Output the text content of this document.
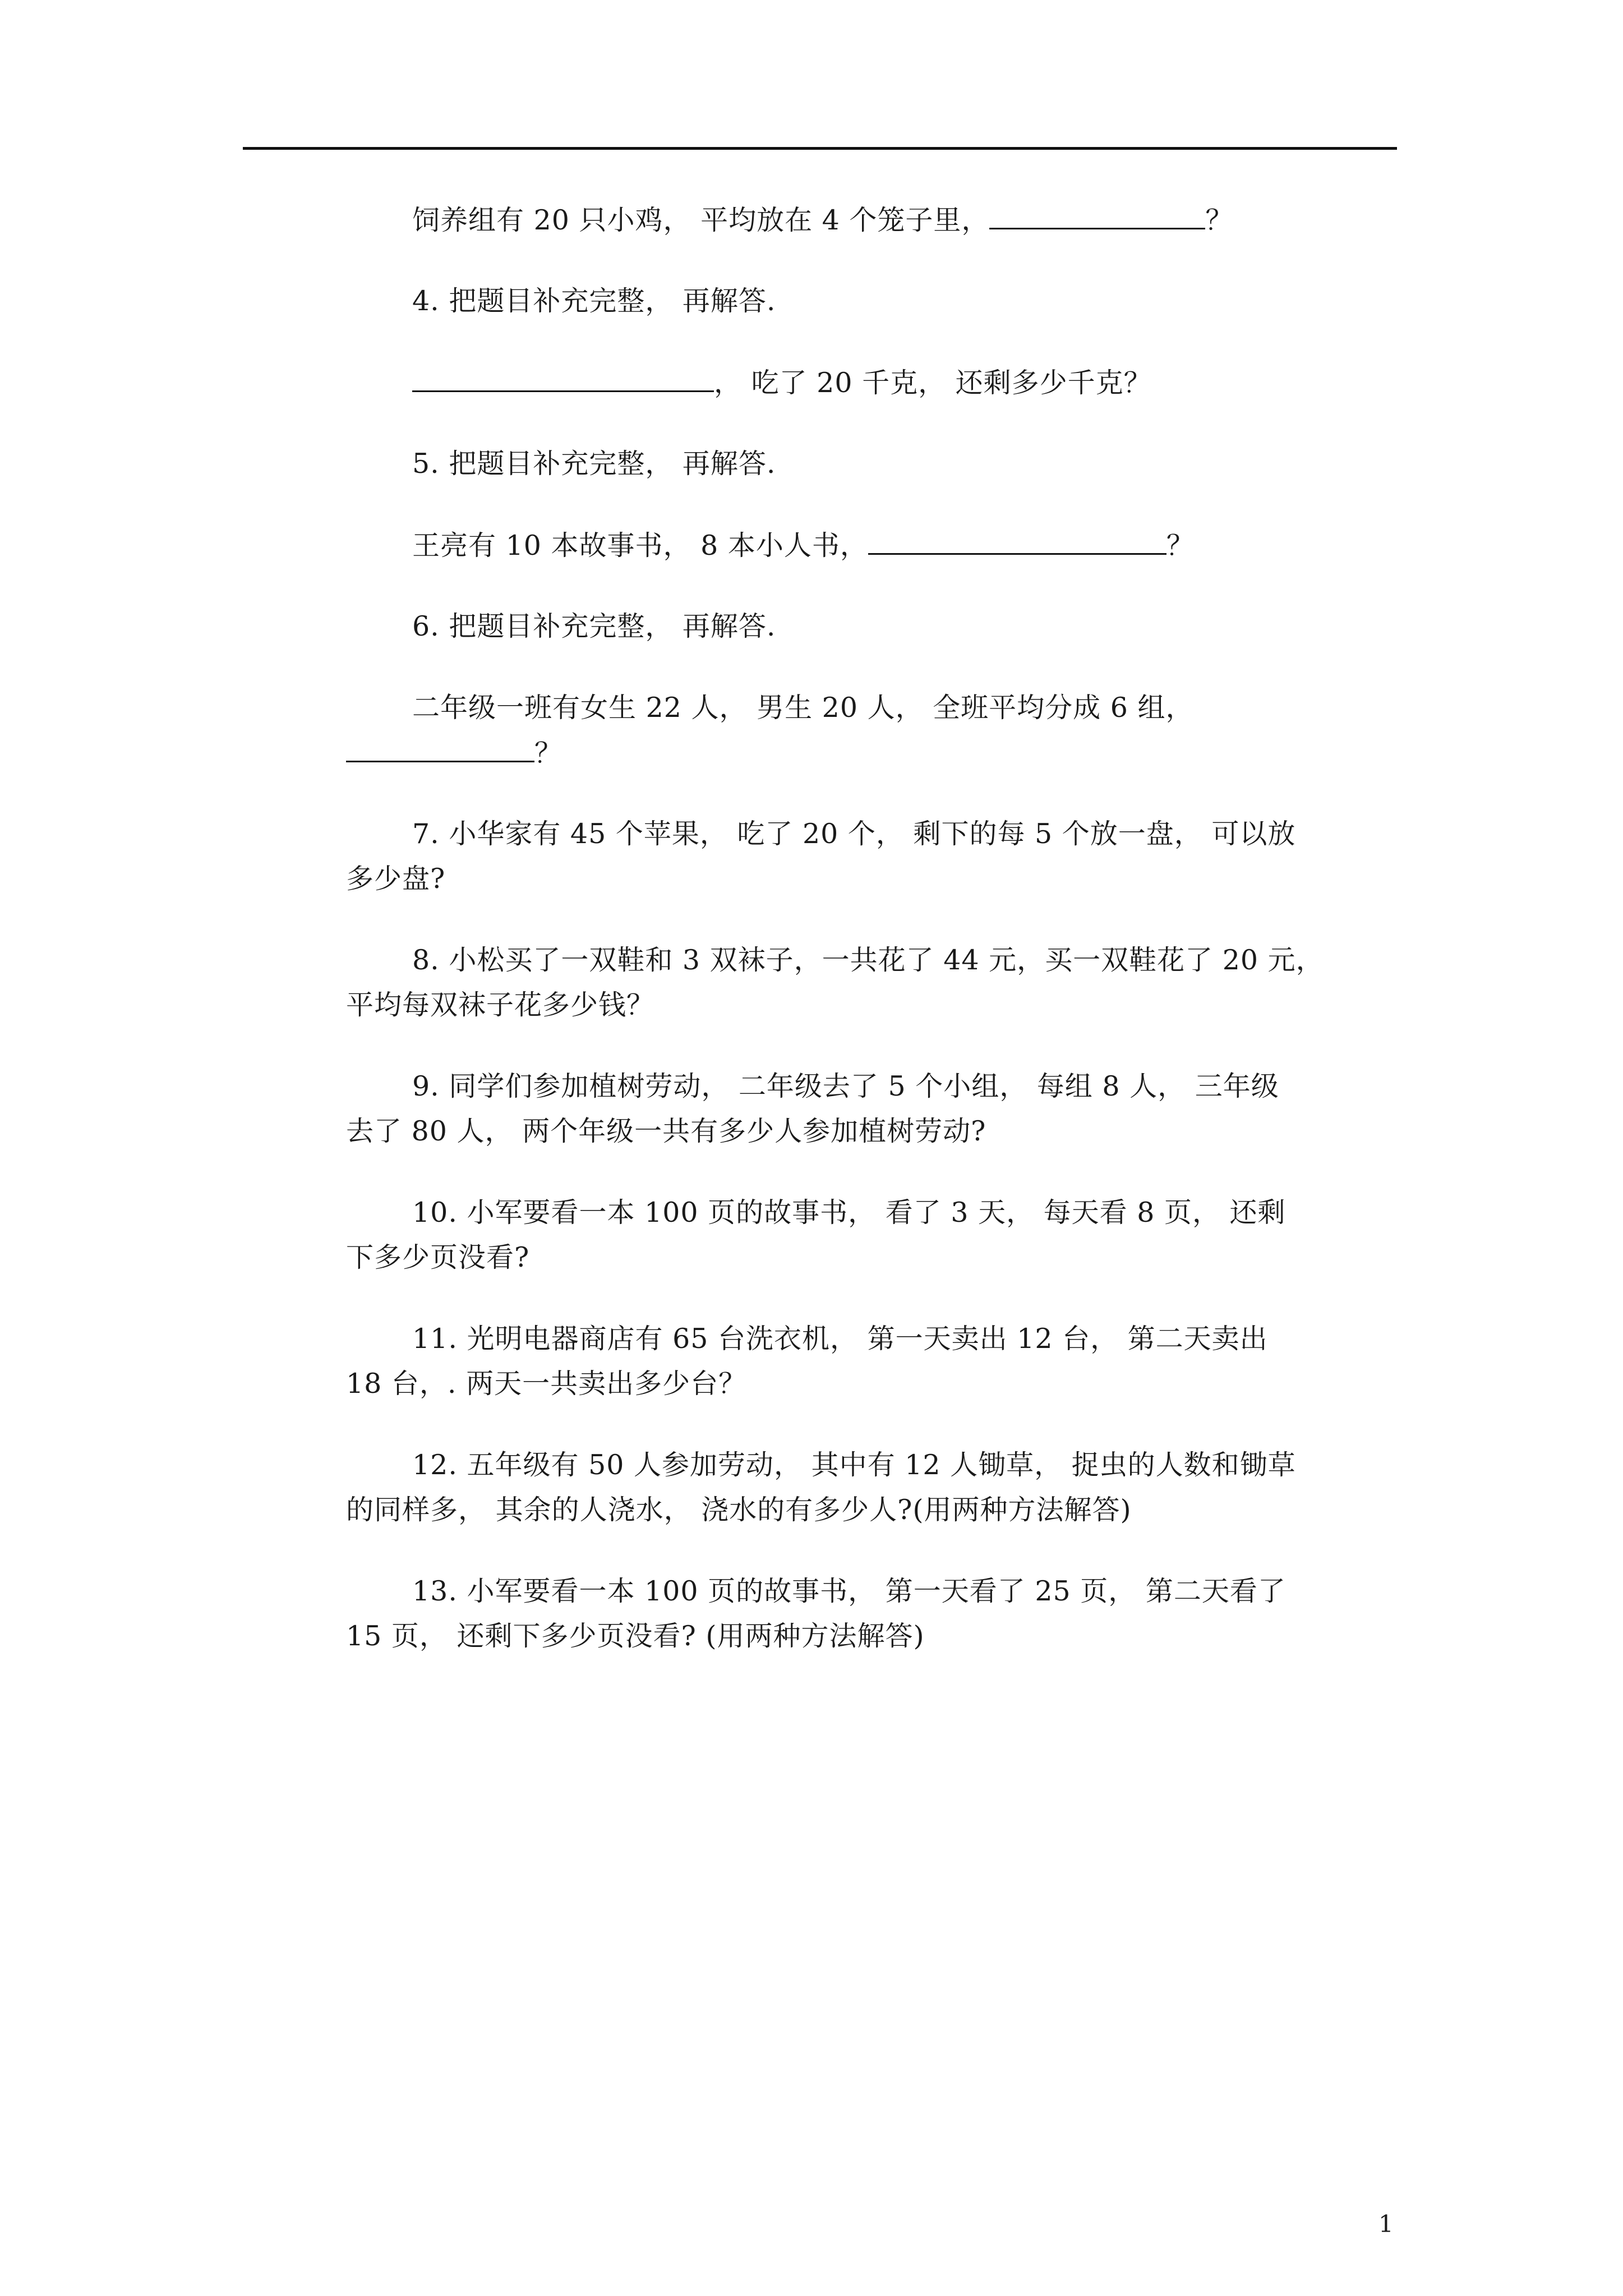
饲养组有 20 只小鸡， 平均放在 4 个笼子里，	？
4. 把题目补充完整， 再解答.
， 吃了 20 千克， 还剩多少千克？
5. 把题目补充完整， 再解答.
王亮有 10 本故事书， 8 本小人书，	？
6. 把题目补充完整， 再解答.
二年级一班有女生 22 人， 男生 20 人， 全班平均分成 6 组，
？
7. 小华家有 45 个苹果， 吃了 20 个， 剩下的每 5 个放一盘， 可以放
多少盘?
8. 小松买了一双鞋和 3 双袜子，一共花了 44 元，买一双鞋花了 20 元，
平均每双袜子花多少钱？
9. 同学们参加植树劳动， 二年级去了 5 个小组， 每组 8 人， 三年级
去了 80 人， 两个年级一共有多少人参加植树劳动?
10. 小军要看一本 100 页的故事书， 看了 3 天， 每天看 8 页， 还剩
下多少页没看?
11. 光明电器商店有 65 台洗衣机， 第一天卖出 12 台， 第二天卖出
18 台，. 两天一共卖出多少台？
12. 五年级有 50 人参加劳动， 其中有 12 人锄草， 捉虫的人数和锄草
的同样多， 其余的人浇水， 浇水的有多少人?(用两种方法解答)
13. 小军要看一本 100 页的故事书， 第一天看了 25 页， 第二天看了
15 页， 还剩下多少页没看? (用两种方法解答)
1
